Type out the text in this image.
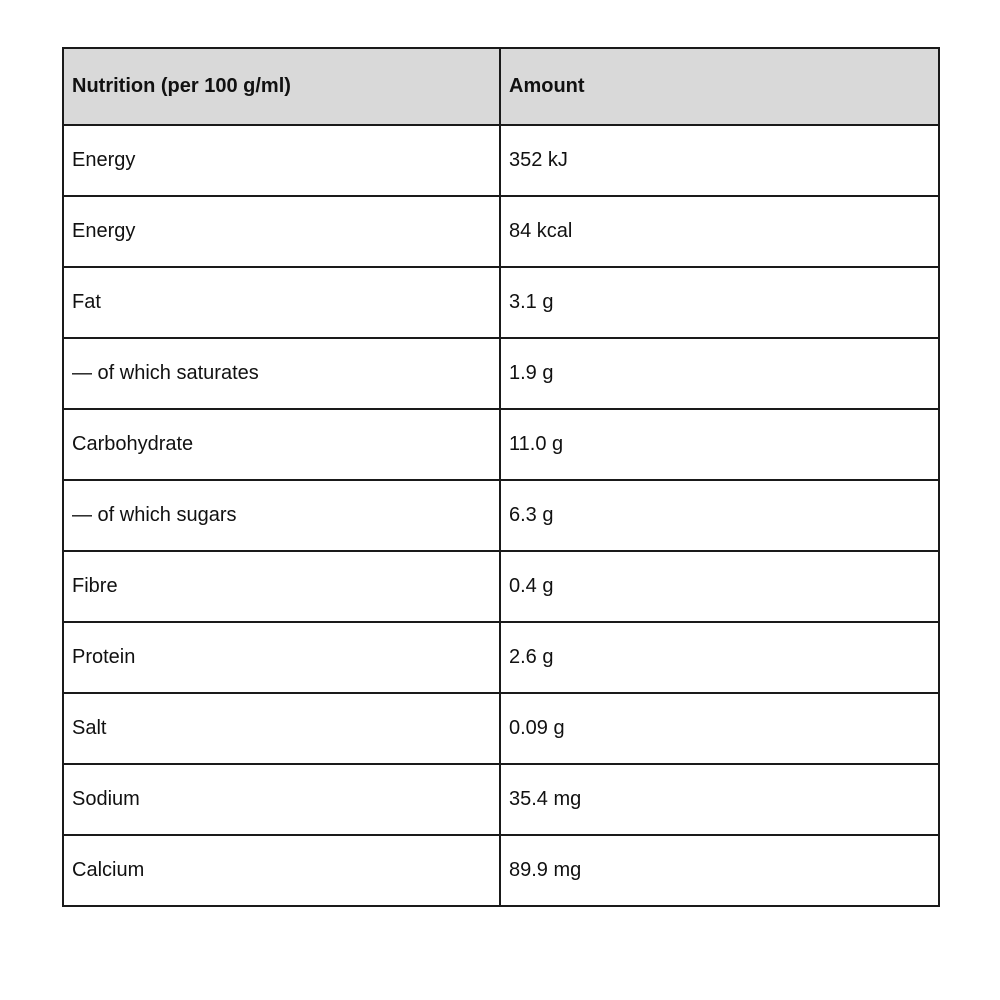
Nutrition (per 100 g/ml)	Amount
Energy	352 kJ
Energy	84 kcal
Fat	3.1 g
— of which saturates	1.9 g
Carbohydrate	11.0 g
— of which sugars	6.3 g
Fibre	0.4 g
Protein	2.6 g
Salt	0.09 g
Sodium	35.4 mg
Calcium	89.9 mg
